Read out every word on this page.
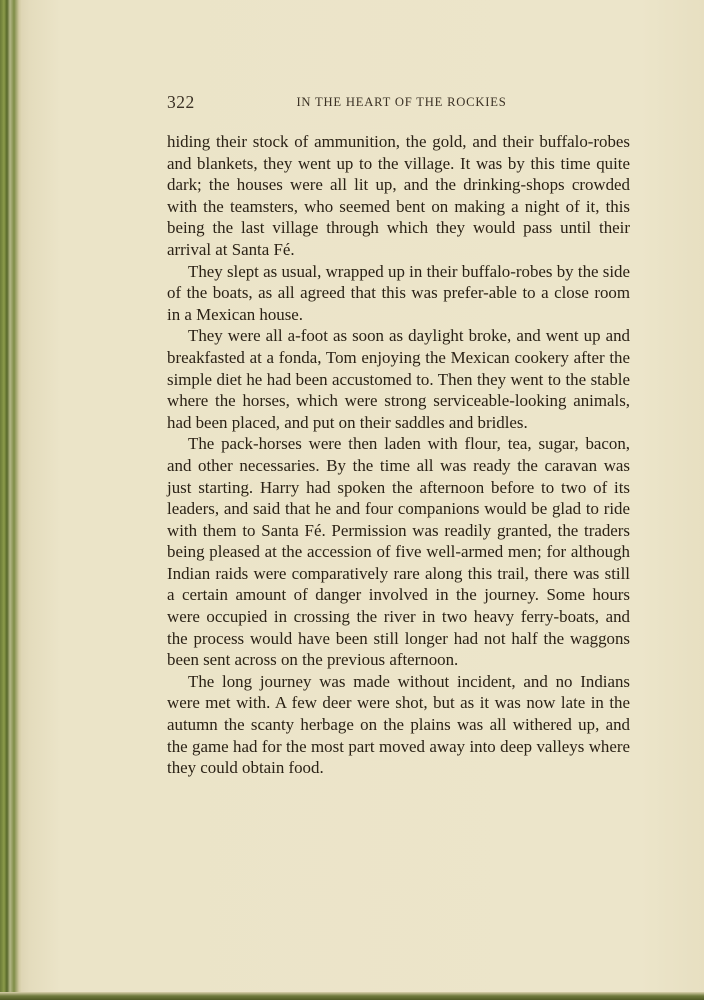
322	IN THE HEART OF THE ROCKIES

hiding their stock of ammunition, the gold, and their buffalo-robes and blankets, they went up to the village. It was by this time quite dark; the houses were all lit up, and the drinking-shops crowded with the teamsters, who seemed bent on making a night of it, this being the last village through which they would pass until their arrival at Santa Fé.

They slept as usual, wrapped up in their buffalo-robes by the side of the boats, as all agreed that this was prefer-able to a close room in a Mexican house.

They were all a-foot as soon as daylight broke, and went up and breakfasted at a fonda, Tom enjoying the Mexican cookery after the simple diet he had been accustomed to. Then they went to the stable where the horses, which were strong serviceable-looking animals, had been placed, and put on their saddles and bridles.

The pack-horses were then laden with flour, tea, sugar, bacon, and other necessaries. By the time all was ready the caravan was just starting. Harry had spoken the afternoon before to two of its leaders, and said that he and four companions would be glad to ride with them to Santa Fé. Permission was readily granted, the traders being pleased at the accession of five well-armed men; for although Indian raids were comparatively rare along this trail, there was still a certain amount of danger involved in the journey. Some hours were occupied in crossing the river in two heavy ferry-boats, and the process would have been still longer had not half the waggons been sent across on the previous afternoon.

The long journey was made without incident, and no Indians were met with. A few deer were shot, but as it was now late in the autumn the scanty herbage on the plains was all withered up, and the game had for the most part moved away into deep valleys where they could obtain food.
